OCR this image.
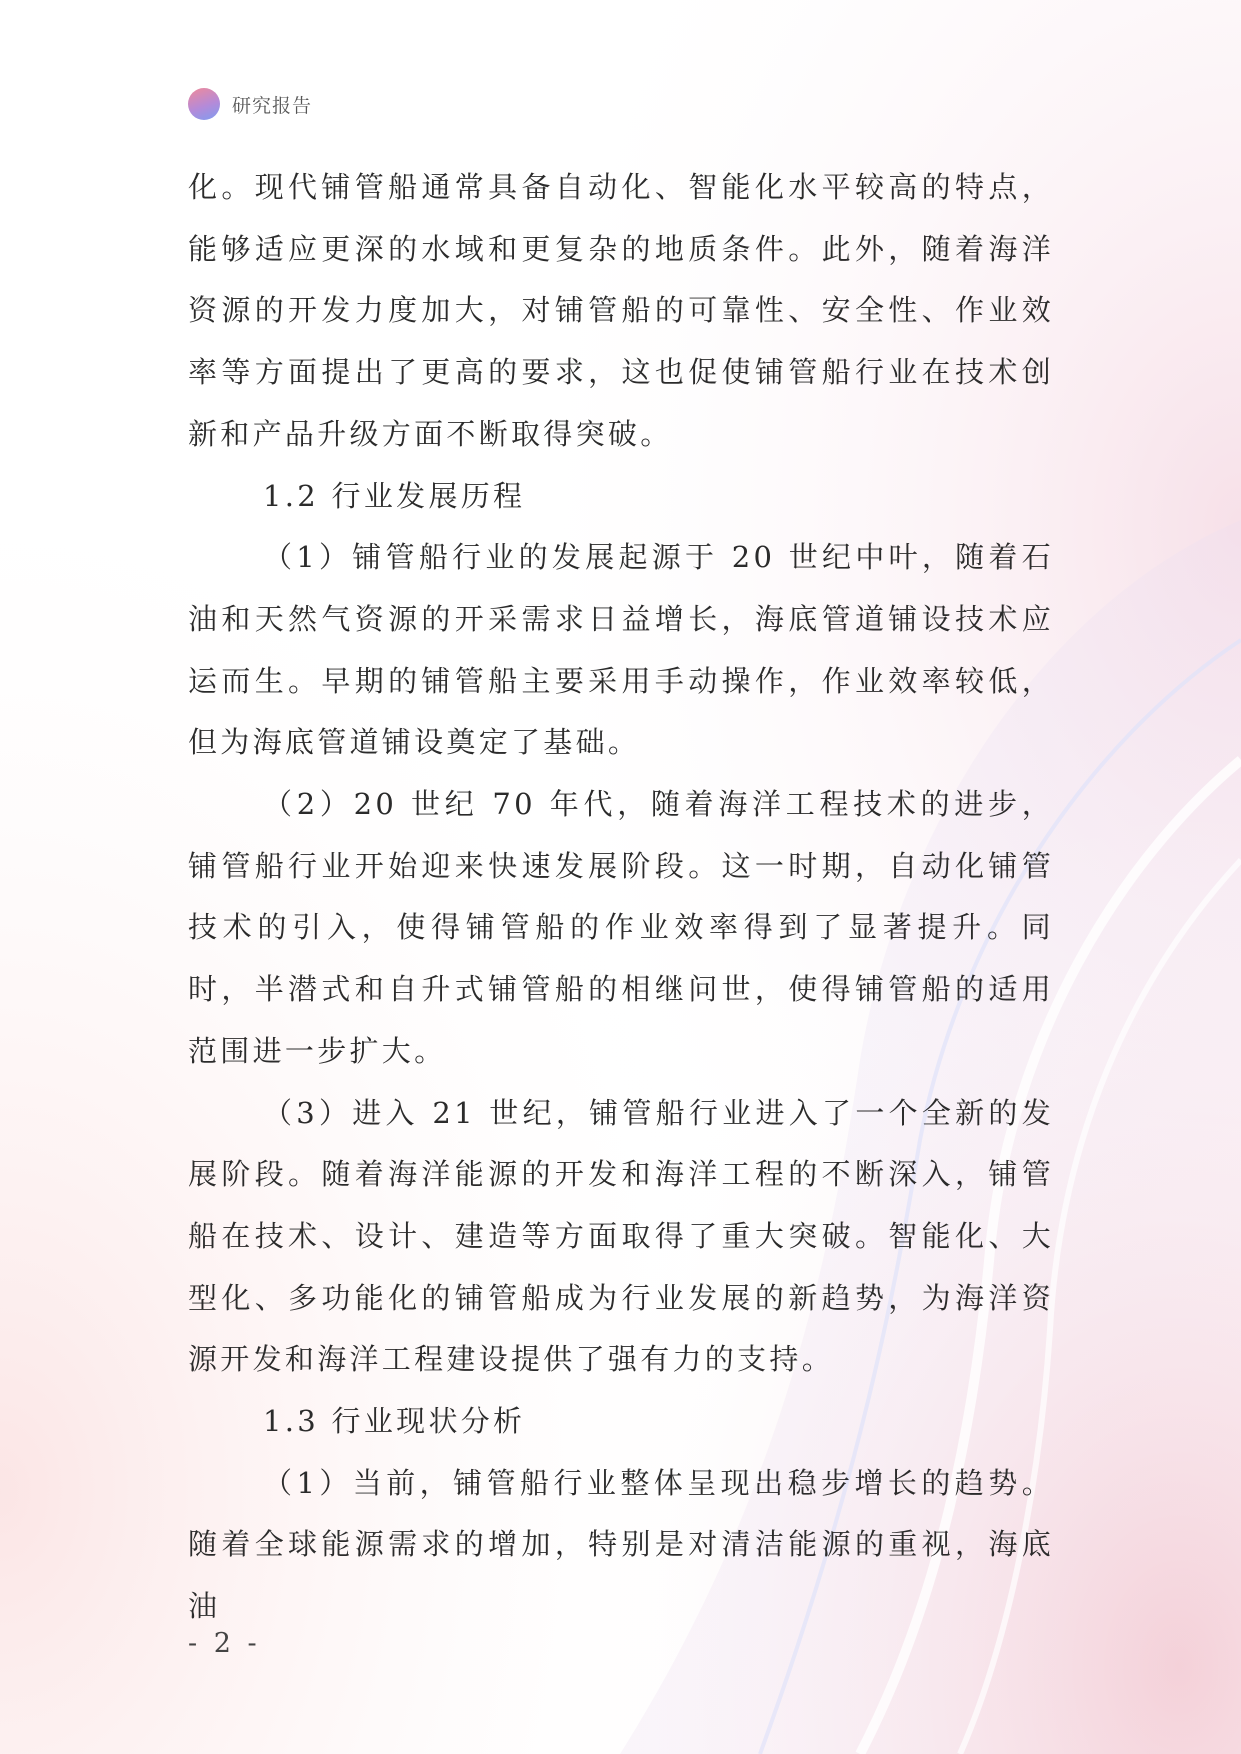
研究报告

化。现代铺管船通常具备自动化、智能化水平较高的特点，能够适应更深的水域和更复杂的地质条件。此外，随着海洋资源的开发力度加大，对铺管船的可靠性、安全性、作业效率等方面提出了更高的要求，这也促使铺管船行业在技术创新和产品升级方面不断取得突破。

1.2 行业发展历程

（1）铺管船行业的发展起源于 20 世纪中叶，随着石油和天然气资源的开采需求日益增长，海底管道铺设技术应运而生。早期的铺管船主要采用手动操作，作业效率较低，但为海底管道铺设奠定了基础。

（2）20 世纪 70 年代，随着海洋工程技术的进步，铺管船行业开始迎来快速发展阶段。这一时期，自动化铺管技术的引入，使得铺管船的作业效率得到了显著提升。同时，半潜式和自升式铺管船的相继问世，使得铺管船的适用范围进一步扩大。

（3）进入 21 世纪，铺管船行业进入了一个全新的发展阶段。随着海洋能源的开发和海洋工程的不断深入，铺管船在技术、设计、建造等方面取得了重大突破。智能化、大型化、多功能化的铺管船成为行业发展的新趋势，为海洋资源开发和海洋工程建设提供了强有力的支持。

1.3 行业现状分析

（1）当前，铺管船行业整体呈现出稳步增长的趋势。随着全球能源需求的增加，特别是对清洁能源的重视，海底油

- 2 -
